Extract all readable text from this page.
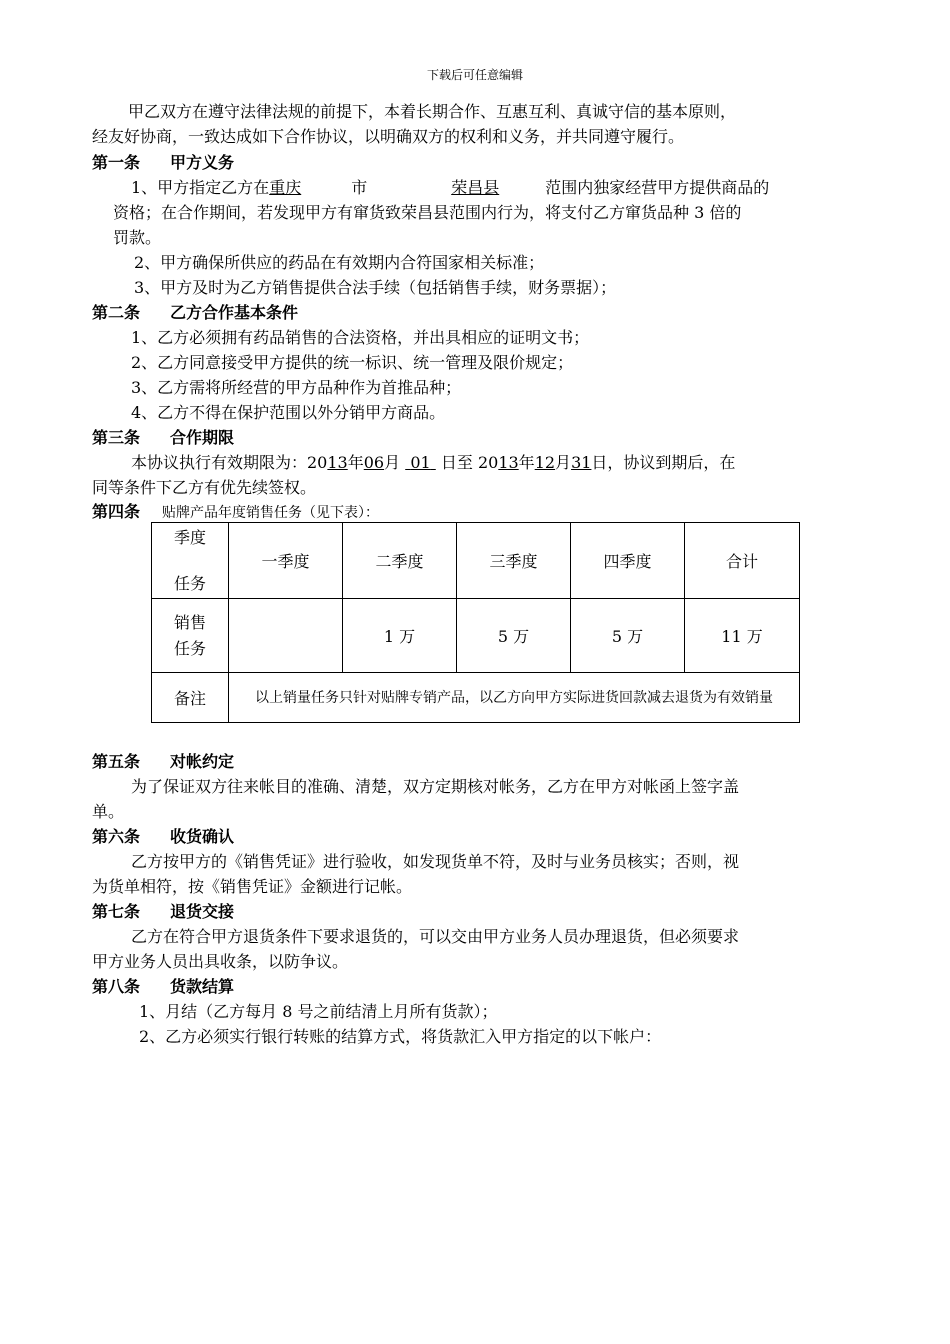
下载后可任意编辑
甲乙双方在遵守法律法规的前提下，本着长期合作、互惠互利、真诚守信的基本原则，
经友好协商，一致达成如下合作协议，以明确双方的权利和义务，并共同遵守履行。
第一条 甲方义务
1、甲方指定乙方在重庆	市	荣昌县	范围内独家经营甲方提供商品的
资格；在合作期间，若发现甲方有窜货致荣昌县范围内行为，将支付乙方窜货品种 3 倍的
罚款。
2、甲方确保所供应的药品在有效期内合符国家相关标准；
3、甲方及时为乙方销售提供合法手续（包括销售手续，财务票据）；
第二条 乙方合作基本条件
1、乙方必须拥有药品销售的合法资格，并出具相应的证明文书；
2、乙方同意接受甲方提供的统一标识、统一管理及限价规定；
3、乙方需将所经营的甲方品种作为首推品种；
4、乙方不得在保护范围以外分销甲方商品。
第三条 合作期限
本协议执行有效期限为：2013年06月 01 日至 2013年12月31日，协议到期后，在
同等条件下乙方有优先续签权。
第四条 贴牌产品年度销售任务（见下表）：
季度
任务	一季度	二季度	三季度	四季度	合计

销售任务		1 万	5 万	5 万	11 万
备注	以上销量任务只针对贴牌专销产品，以乙方向甲方实际进货回款减去退货为有效销量				
第五条 对帐约定
为了保证双方往来帐目的准确、清楚，双方定期核对帐务，乙方在甲方对帐函上签字盖
单。
第六条 收货确认
乙方按甲方的《销售凭证》进行验收，如发现货单不符，及时与业务员核实；否则，视
为货单相符，按《销售凭证》金额进行记帐。
第七条 退货交接
乙方在符合甲方退货条件下要求退货的，可以交由甲方业务人员办理退货，但必须要求
甲方业务人员出具收条，以防争议。
第八条 货款结算
1、月结（乙方每月 8 号之前结清上月所有货款）；
2、乙方必须实行银行转账的结算方式，将货款汇入甲方指定的以下帐户：
